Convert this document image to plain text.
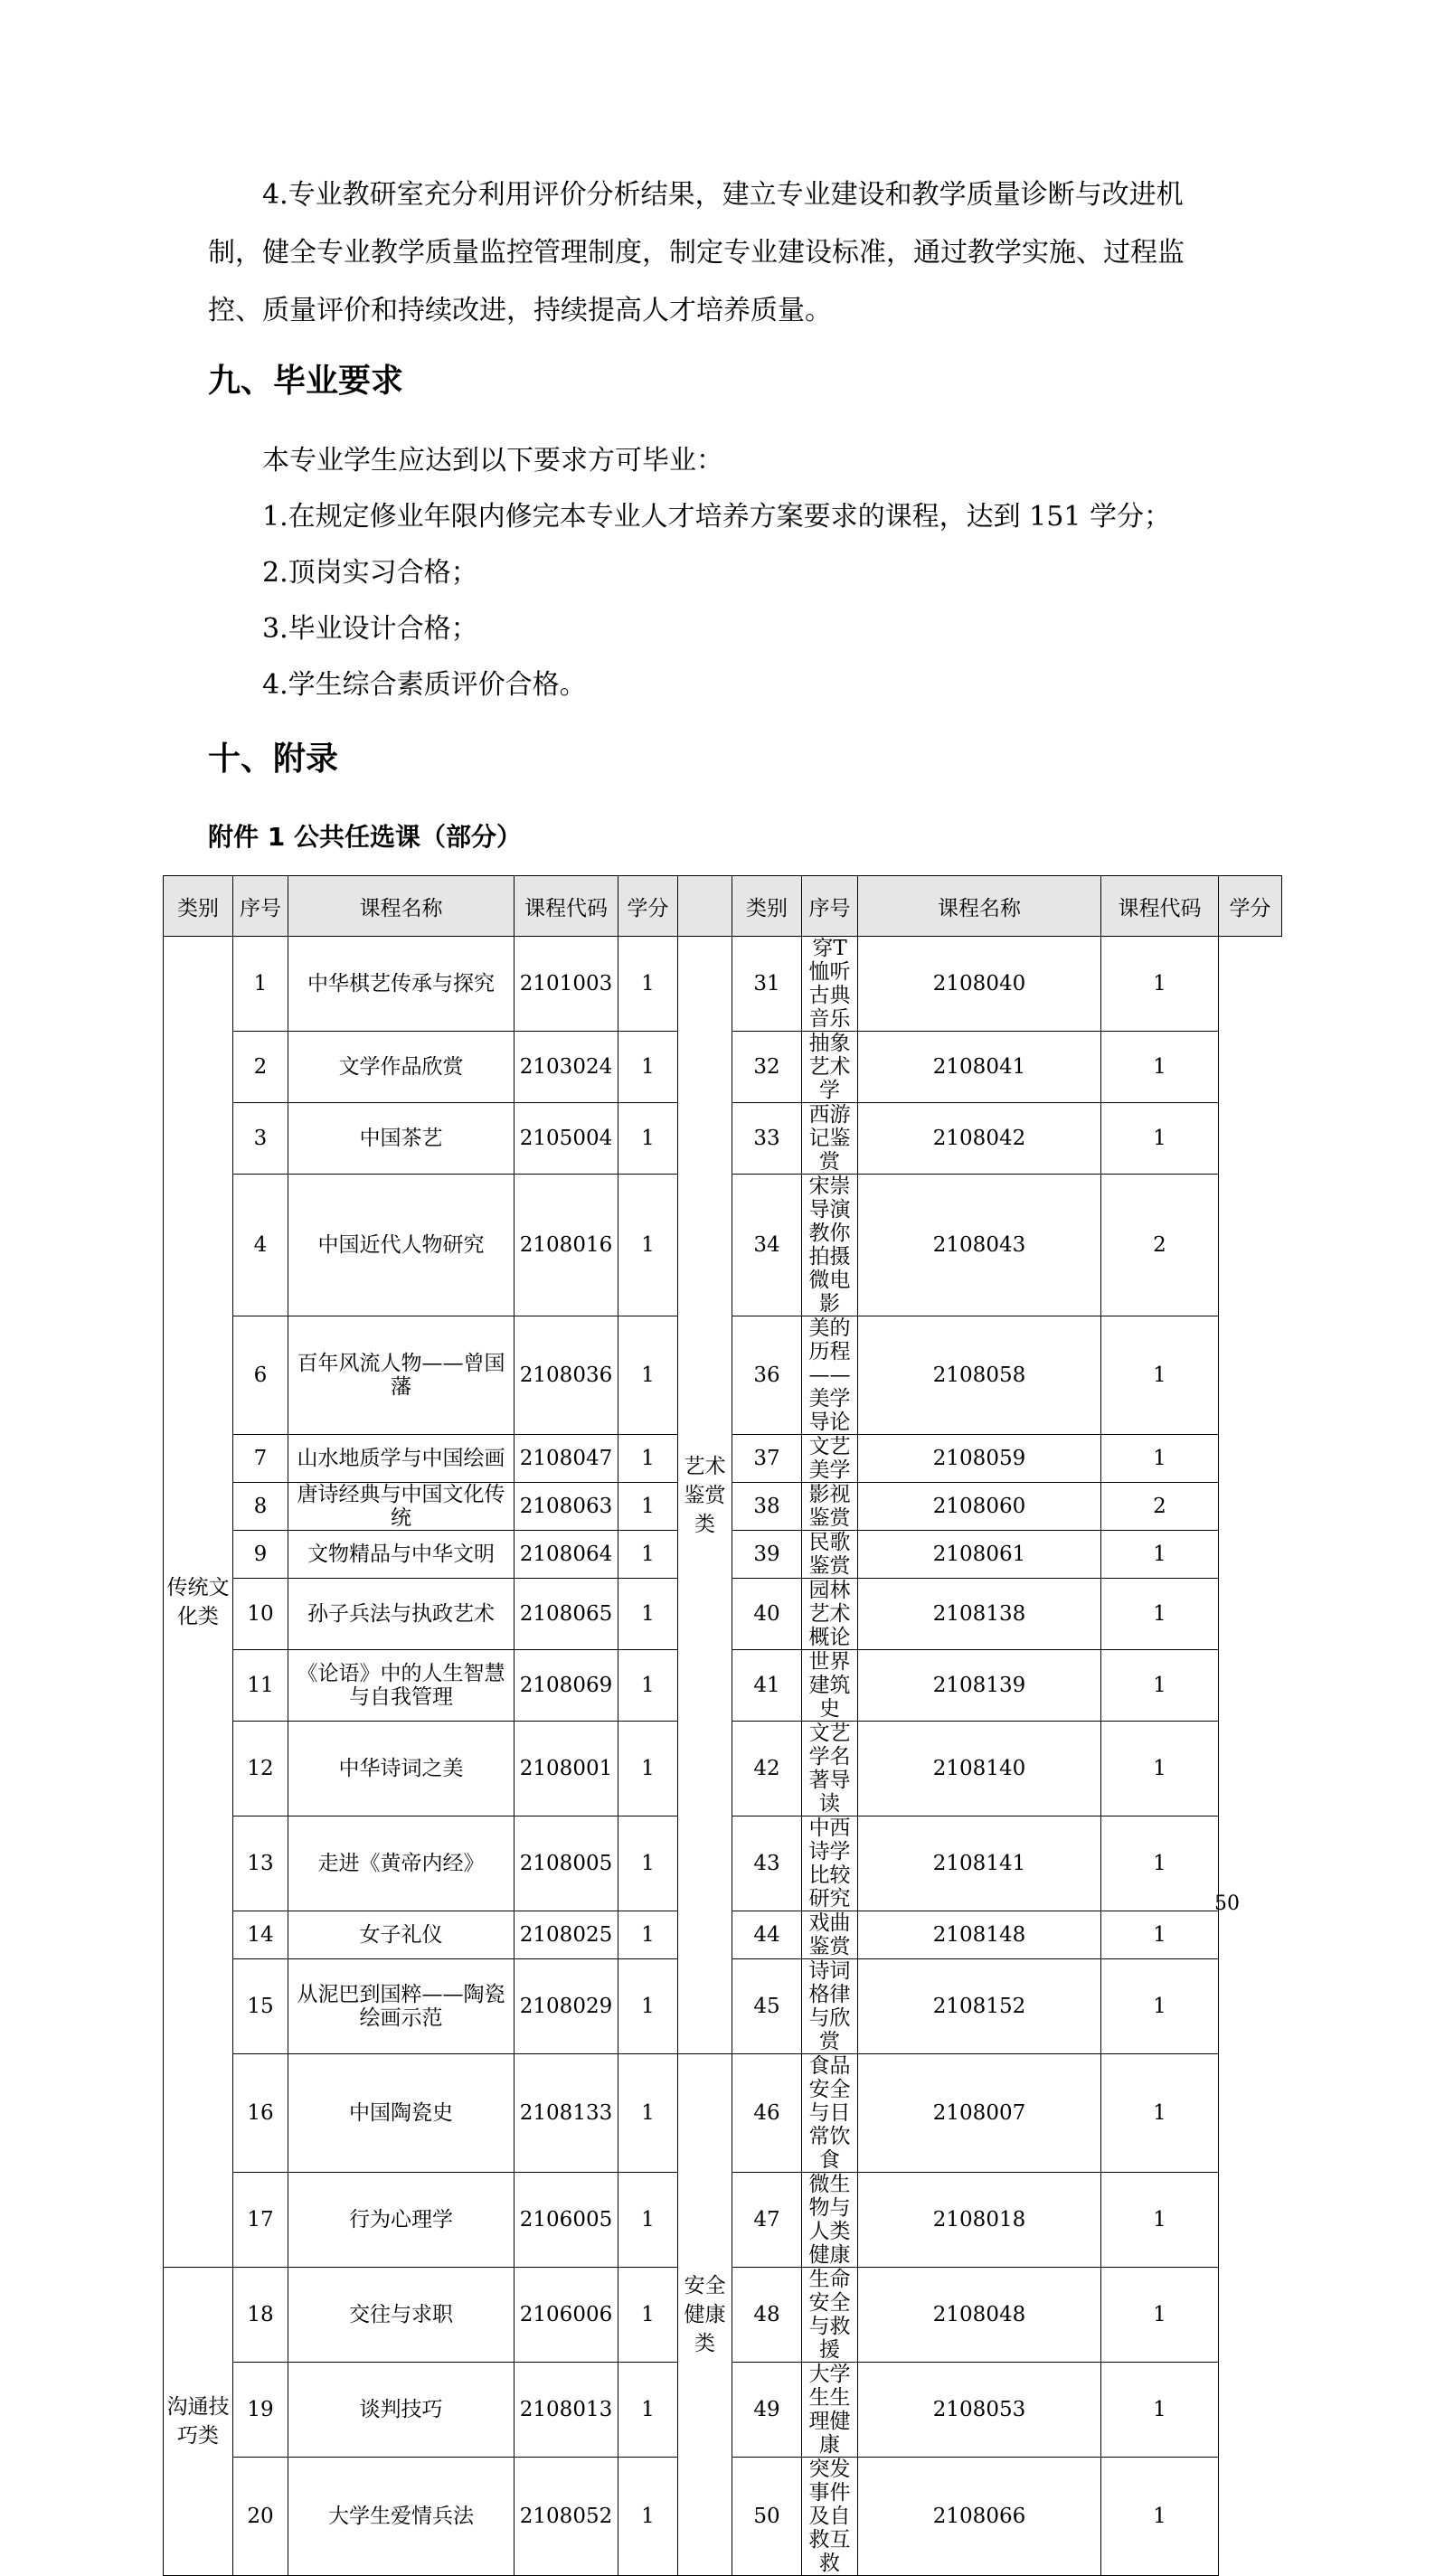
4.专业教研室充分利用评价分析结果，建立专业建设和教学质量诊断与改进机制，健全专业教学质量监控管理制度，制定专业建设标准，通过教学实施、过程监控、质量评价和持续改进，持续提高人才培养质量。
九、毕业要求
本专业学生应达到以下要求方可毕业：
1.在规定修业年限内修完本专业人才培养方案要求的课程，达到 151 学分；
2.顶岗实习合格；
3.毕业设计合格；
4.学生综合素质评价合格。
十、附录
附件 1 公共任选课（部分）
类别	序号	课程名称	课程代码	学分		类别	序号	课程名称	课程代码	学分
传统文化类	1	中华棋艺传承与探究	2101003	1	艺术鉴赏类	31	穿T恤听古典音乐	2108040	1	
	2	文学作品欣赏	2103024	1		32	抽象艺术学	2108041	1	
	3	中国茶艺	2105004	1		33	西游记鉴赏	2108042	1	
	4	中国近代人物研究	2108016	1		34	宋崇导演教你拍摄微电影	2108043	2	
	6	百年风流人物——曾国藩	2108036	1		36	美的历程——美学导论	2108058	1	
	7	山水地质学与中国绘画	2108047	1		37	文艺美学	2108059	1	
	8	唐诗经典与中国文化传统	2108063	1		38	影视鉴赏	2108060	2	
	9	文物精品与中华文明	2108064	1		39	民歌鉴赏	2108061	1	
	10	孙子兵法与执政艺术	2108065	1		40	园林艺术概论	2108138	1	
	11	《论语》中的人生智慧与自我管理	2108069	1		41	世界建筑史	2108139	1	
	12	中华诗词之美	2108001	1		42	文艺学名著导读	2108140	1	
	13	走进《黄帝内经》	2108005	1		43	中西诗学比较研究	2108141	1	
	14	女子礼仪	2108025	1		44	戏曲鉴赏	2108148	1	
	15	从泥巴到国粹——陶瓷绘画示范	2108029	1		45	诗词格律与欣赏	2108152	1	
	16	中国陶瓷史	2108133	1	安全健康类	46	食品安全与日常饮食	2108007	1	
	17	行为心理学	2106005	1		47	微生物与人类健康	2108018	1	
沟通技巧类	18	交往与求职	2106006	1		48	生命安全与救援	2108048	1	
	19	谈判技巧	2108013	1		49	大学生生理健康	2108053	1	
	20	大学生爱情兵法	2108052	1		50	突发事件及自救互救	2108066	1	
50
